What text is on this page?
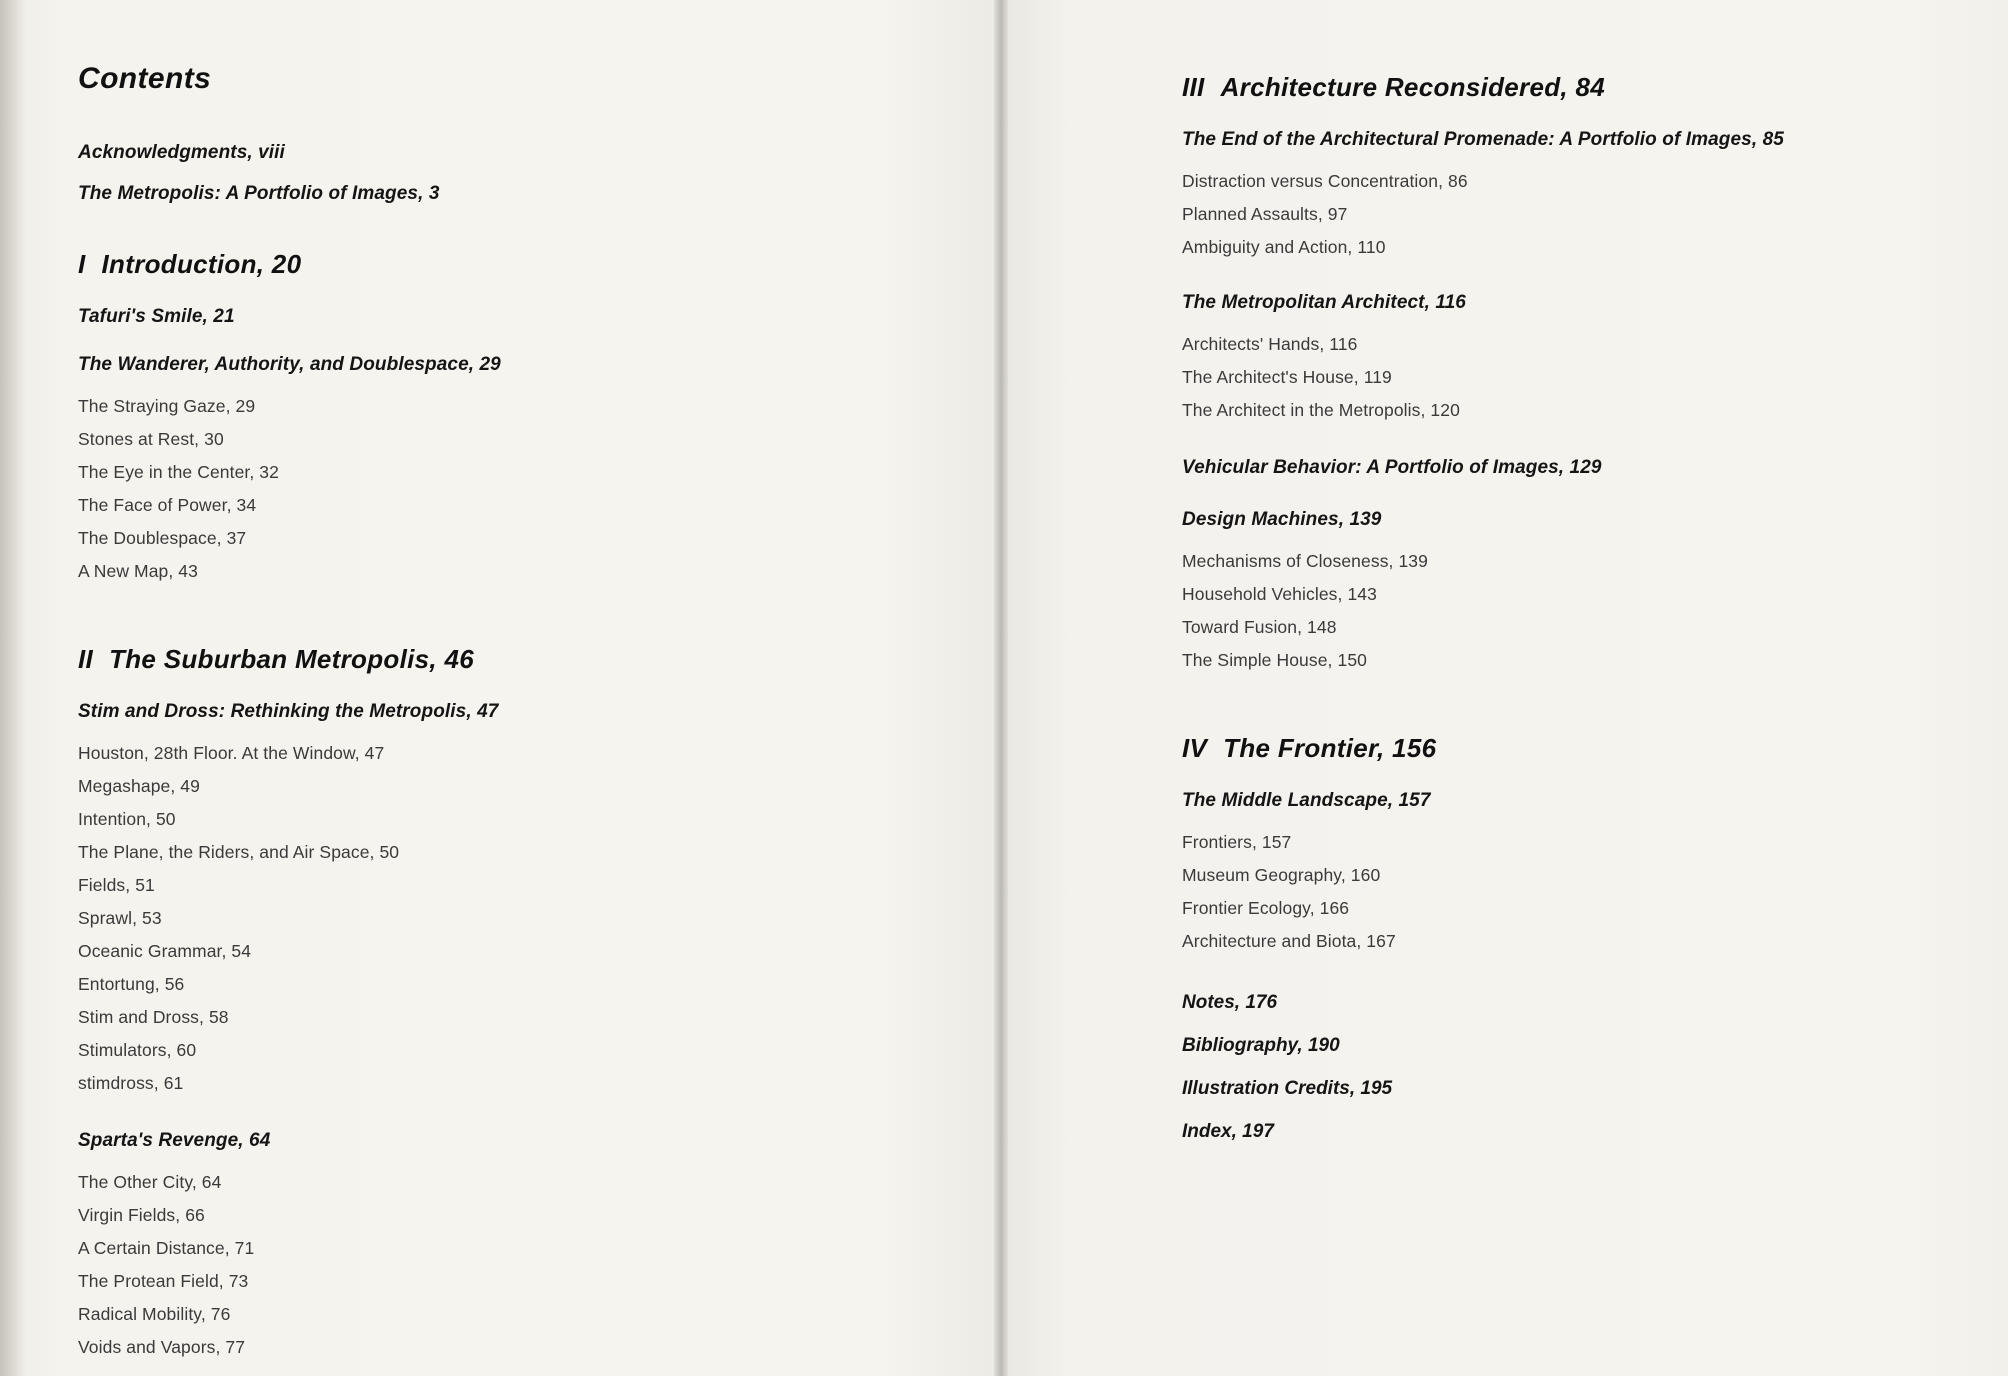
Contents
Acknowledgments, viii
The Metropolis: A Portfolio of Images, 3
I Introduction, 20
Tafuri's Smile, 21
The Wanderer, Authority, and Doublespace, 29
The Straying Gaze, 29
Stones at Rest, 30
The Eye in the Center, 32
The Face of Power, 34
The Doublespace, 37
A New Map, 43
II The Suburban Metropolis, 46
Stim and Dross: Rethinking the Metropolis, 47
Houston, 28th Floor. At the Window, 47
Megashape, 49
Intention, 50
The Plane, the Riders, and Air Space, 50
Fields, 51
Sprawl, 53
Oceanic Grammar, 54
Entortung, 56
Stim and Dross, 58
Stimulators, 60
stimdross, 61
Sparta's Revenge, 64
The Other City, 64
Virgin Fields, 66
A Certain Distance, 71
The Protean Field, 73
Radical Mobility, 76
Voids and Vapors, 77
III Architecture Reconsidered, 84
The End of the Architectural Promenade: A Portfolio of Images, 85
Distraction versus Concentration, 86
Planned Assaults, 97
Ambiguity and Action, 110
The Metropolitan Architect, 116
Architects' Hands, 116
The Architect's House, 119
The Architect in the Metropolis, 120
Vehicular Behavior: A Portfolio of Images, 129
Design Machines, 139
Mechanisms of Closeness, 139
Household Vehicles, 143
Toward Fusion, 148
The Simple House, 150
IV The Frontier, 156
The Middle Landscape, 157
Frontiers, 157
Museum Geography, 160
Frontier Ecology, 166
Architecture and Biota, 167
Notes, 176
Bibliography, 190
Illustration Credits, 195
Index, 197
